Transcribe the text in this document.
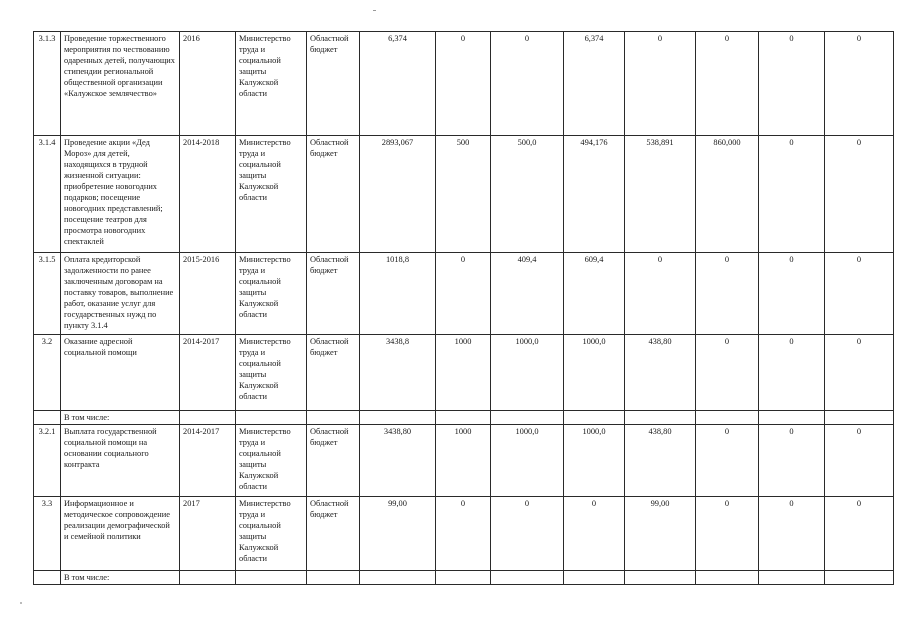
3.1.3	Проведение торжественного мероприятия по чествованию одаренных детей, получающих стипендии региональной общественной организации «Калужское землячество»	2016	Министерство труда и социальной защиты Калужской области	Областной бюджет	6,374	0	0	6,374	0	0	0	0
3.1.4	Проведение акции «Дед Мороз» для детей, находящихся в трудной жизненной ситуации: приобретение новогодних подарков; посещение новогодних представлений; посещение театров для просмотра новогодних спектаклей	2014-2018	Министерство труда и социальной защиты Калужской области	Областной бюджет	2893,067	500	500,0	494,176	538,891	860,000	0	0
3.1.5	Оплата кредиторской задолженности по ранее заключенным договорам на поставку товаров, выполнение работ, оказание услуг для государственных нужд по пункту 3.1.4	2015-2016	Министерство труда и социальной защиты Калужской области	Областной бюджет	1018,8	0	409,4	609,4	0	0	0	0
3.2	Оказание адресной социальной помощи	2014-2017	Министерство труда и социальной защиты Калужской области	Областной бюджет	3438,8	1000	1000,0	1000,0	438,80	0	0	0
	В том числе:											
3.2.1	Выплата государственной социальной помощи на основании социального контракта	2014-2017	Министерство труда и социальной защиты Калужской области	Областной бюджет	3438,80	1000	1000,0	1000,0	438,80	0	0	0
3.3	Информационное и методическое сопровождение реализации демографической и семейной политики	2017	Министерство труда и социальной защиты Калужской области	Областной бюджет	99,00	0	0	0	99,00	0	0	0
	В том числе:											
